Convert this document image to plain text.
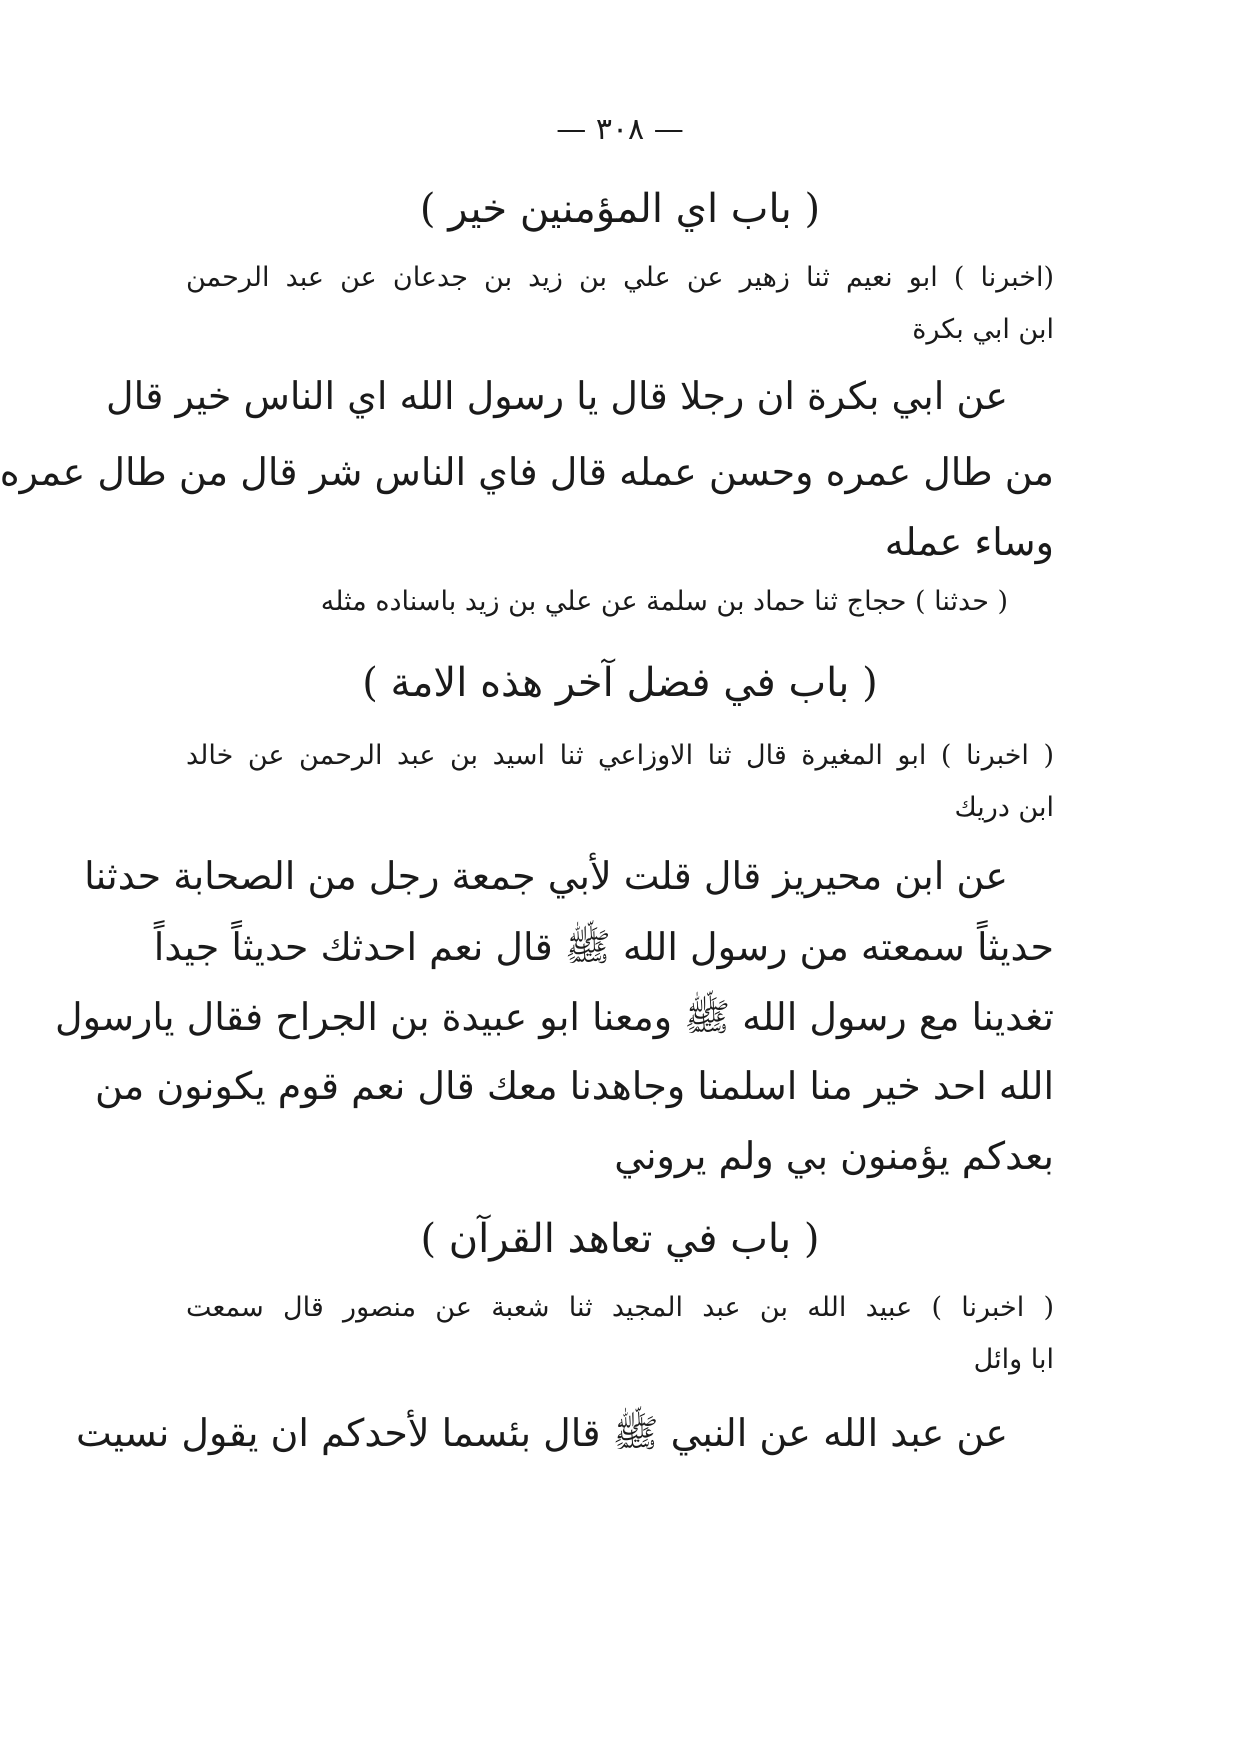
— ٣٠٨ —
( باب اي المؤمنين خير )
(اخبرنا ) ابو نعيم ثنا زهير عن علي بن زيد بن جدعان عن عبد الرحمن
ابن ابي بكرة
عن ابي بكرة ان رجلا قال يا رسول الله اي الناس خير قال
من طال عمره وحسن عمله قال فاي الناس شر قال من طال عمره
وساء عمله
( حدثنا ) حجاج ثنا حماد بن سلمة عن علي بن زيد باسناده مثله
( باب في فضل آخر هذه الامة )
( اخبرنا ) ابو المغيرة قال ثنا الاوزاعي ثنا اسيد بن عبد الرحمن عن خالد
ابن دريك
عن ابن محيريز قال قلت لأبي جمعة رجل من الصحابة حدثنا
حديثاً سمعته من رسول الله ﷺ قال نعم احدثك حديثاً جيداً
تغدينا مع رسول الله ﷺ ومعنا ابو عبيدة بن الجراح فقال يارسول
الله احد خير منا اسلمنا وجاهدنا معك قال نعم قوم يكونون من
بعدكم يؤمنون بي ولم يروني
( باب في تعاهد القرآن )
( اخبرنا ) عبيد الله بن عبد المجيد ثنا شعبة عن منصور قال سمعت
ابا وائل
عن عبد الله عن النبي ﷺ قال بئسما لأحدكم ان يقول نسيت
